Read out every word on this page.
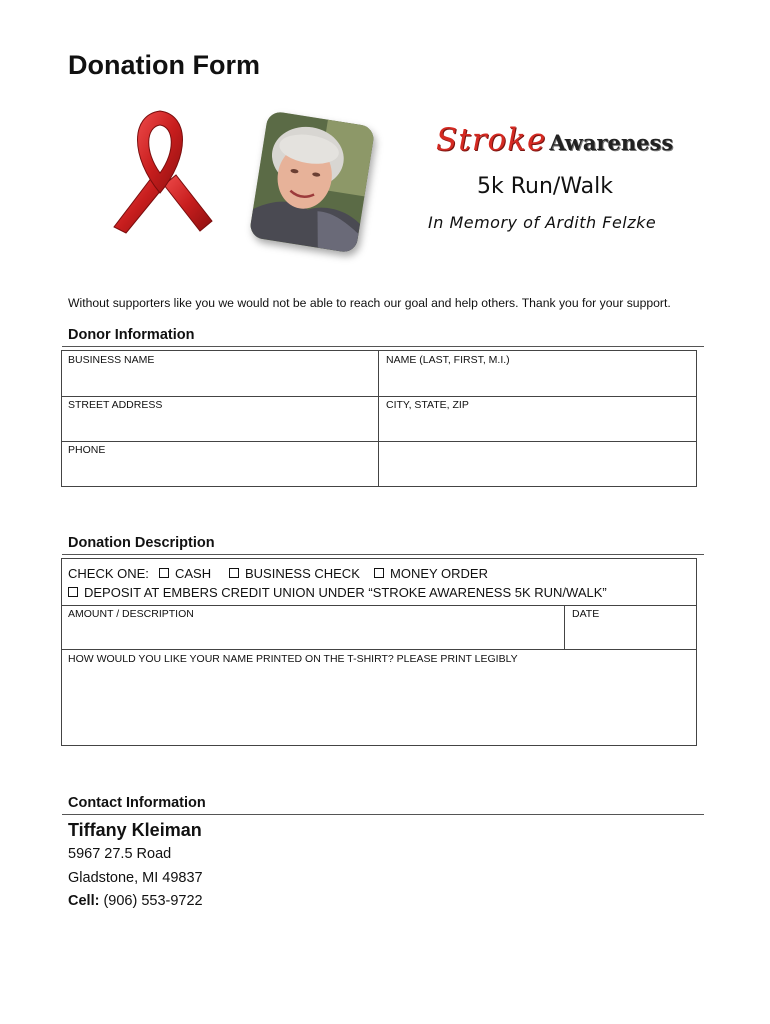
Donation Form
Stroke Awareness
5k Run/Walk
In Memory of Ardith Felzke
Without supporters like you we would not be able to reach our goal and help others. Thank you for your support.
Donor Information
BUSINESS NAME	NAME (LAST, FIRST, M.I.)
STREET ADDRESS	CITY, STATE, ZIP
PHONE
Donation Description
CHECK ONE:	CASH	BUSINESS CHECK	MONEY ORDER
DEPOSIT AT EMBERS CREDIT UNION UNDER “STROKE AWARENESS 5K RUN/WALK”
AMOUNT / DESCRIPTION	DATE
HOW WOULD YOU LIKE YOUR NAME PRINTED ON THE T-SHIRT? PLEASE PRINT LEGIBLY
Contact Information
Tiffany Kleiman
5967 27.5 Road
Gladstone, MI 49837
Cell: (906) 553-9722
